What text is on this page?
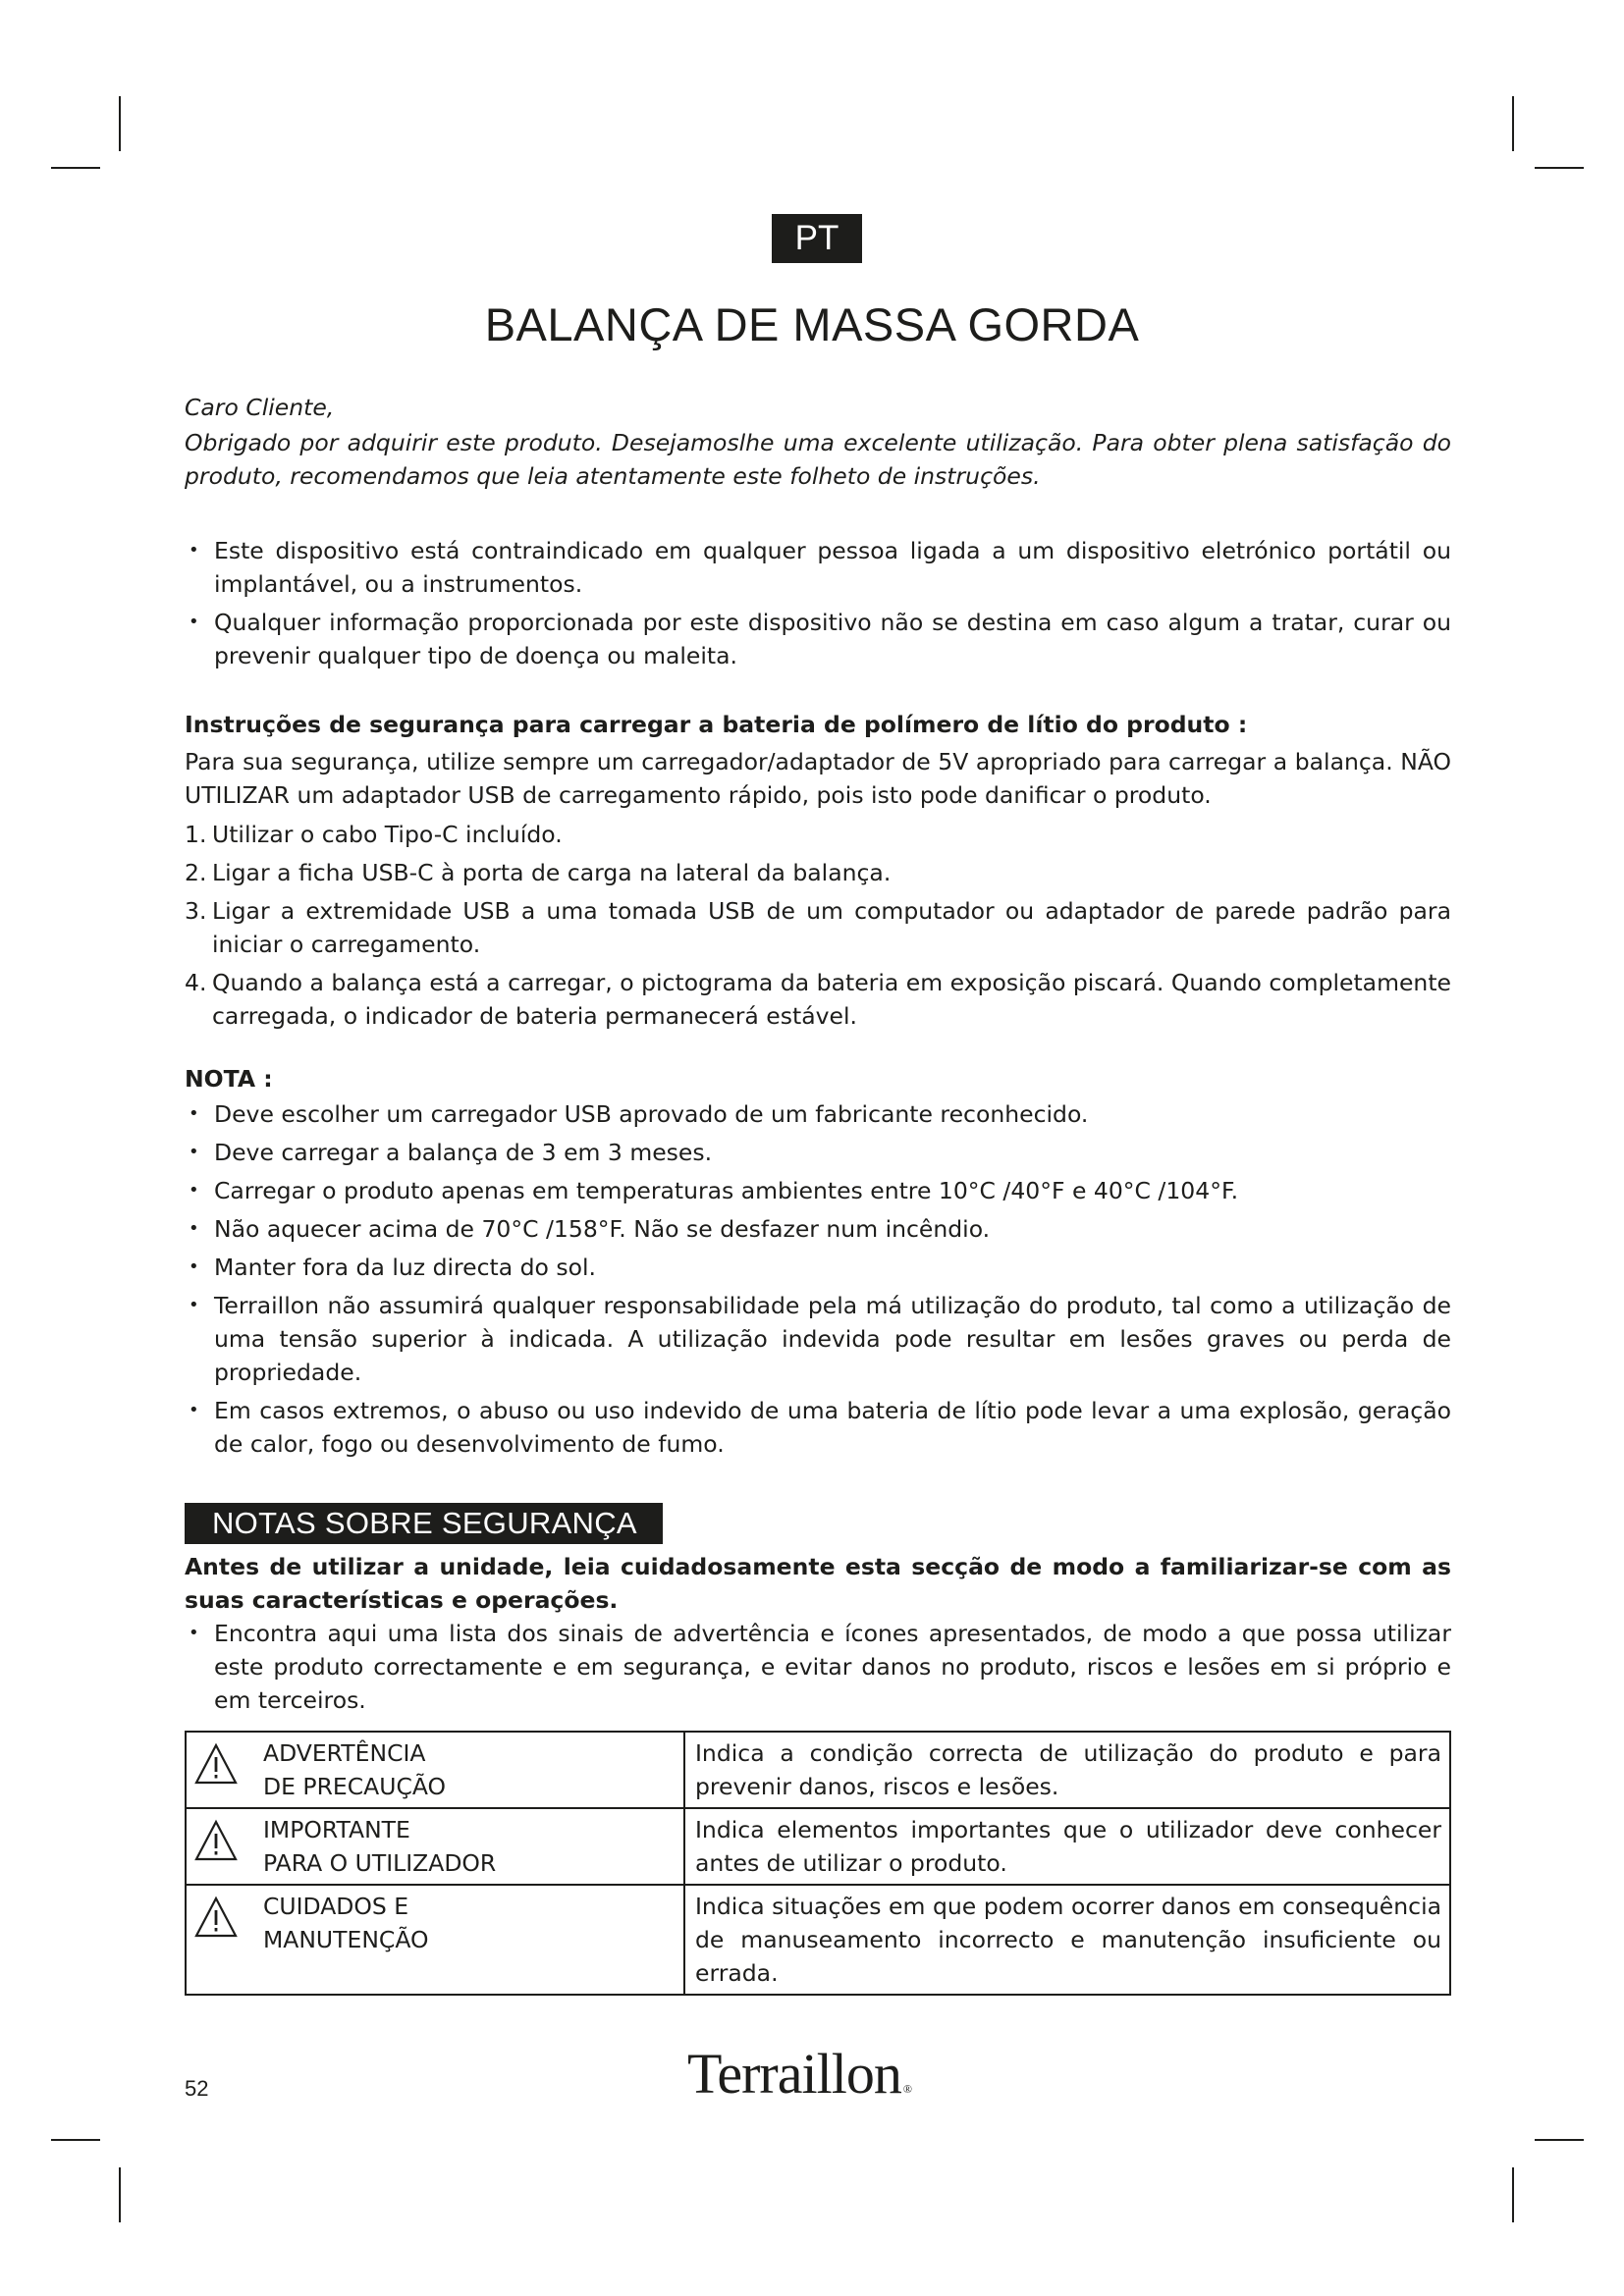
PT
BALANÇA DE MASSA GORDA

Caro Cliente,

Obrigado por adquirir este produto. Desejamoslhe uma excelente utilização. Para obter plena satisfação do produto, recomendamos que leia atentamente este folheto de instruções.

• Este dispositivo está contraindicado em qualquer pessoa ligada a um dispositivo eletrónico portátil ou implantável, ou a instrumentos.
• Qualquer informação proporcionada por este dispositivo não se destina em caso algum a tratar, curar ou prevenir qualquer tipo de doença ou maleita.

Instruções de segurança para carregar a bateria de polímero de lítio do produto :

Para sua segurança, utilize sempre um carregador/adaptador de 5V apropriado para carregar a balança. NÃO UTILIZAR um adaptador USB de carregamento rápido, pois isto pode danificar o produto.

1. Utilizar o cabo Tipo-C incluído.
2. Ligar a ficha USB-C à porta de carga na lateral da balança.
3. Ligar a extremidade USB a uma tomada USB de um computador ou adaptador de parede padrão para iniciar o carregamento.
4. Quando a balança está a carregar, o pictograma da bateria em exposição piscará. Quando completamente carregada, o indicador de bateria permanecerá estável.

NOTA :

• Deve escolher um carregador USB aprovado de um fabricante reconhecido.
• Deve carregar a balança de 3 em 3 meses.
• Carregar o produto apenas em temperaturas ambientes entre 10°C /40°F e 40°C /104°F.
• Não aquecer acima de 70°C /158°F. Não se desfazer num incêndio.
• Manter fora da luz directa do sol.
• Terraillon não assumirá qualquer responsabilidade pela má utilização do produto, tal como a utilização de uma tensão superior à indicada. A utilização indevida pode resultar em lesões graves ou perda de propriedade.
• Em casos extremos, o abuso ou uso indevido de uma bateria de lítio pode levar a uma explosão, geração de calor, fogo ou desenvolvimento de fumo.
NOTAS SOBRE SEGURANÇA

Antes de utilizar a unidade, leia cuidadosamente esta secção de modo a familiarizar-se com as suas características e operações.

• Encontra aqui uma lista dos sinais de advertência e ícones apresentados, de modo a que possa utilizar este produto correctamente e em segurança, e evitar danos no produto, riscos e lesões em si próprio e em terceiros.
ADVERTÊNCIA
DE PRECAUÇÃO	Indica a condição correcta de utilização do produto e para prevenir danos, riscos e lesões.

IMPORTANTE
PARA O UTILIZADOR	Indica elementos importantes que o utilizador deve conhecer antes de utilizar o produto.

CUIDADOS E
MANUTENÇÃO	Indica situações em que podem ocorrer danos em consequência de manuseamento incorrecto e manutenção insuficiente ou errada.
52	Terraillon ®
